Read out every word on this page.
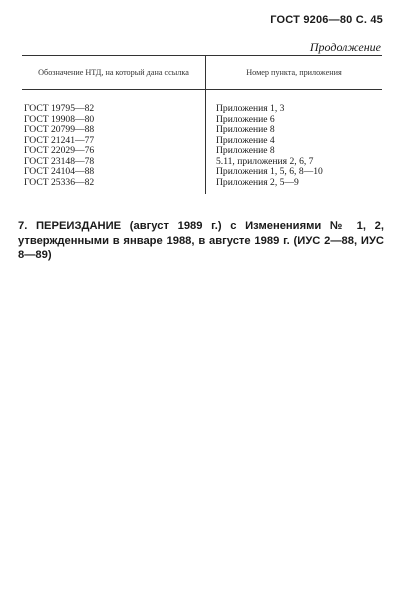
ГОСТ 9206—80 С. 45
Продолжение
Обозначение НТД, на который дана ссылка	Номер пункта, приложения
ГОСТ 19795—82	Приложения 1, 3
ГОСТ 19908—80	Приложение 6
ГОСТ 20799—88	Приложение 8
ГОСТ 21241—77	Приложение 4
ГОСТ 22029—76	Приложение 8
ГОСТ 23148—78	5.11, приложения 2, 6, 7
ГОСТ 24104—88	Приложения 1, 5, 6, 8—10
ГОСТ 25336—82	Приложения 2, 5—9

7. ПЕРЕИЗДАНИЕ (август 1989 г.) с Изменениями № 1, 2, утвержденными в январе 1988, в августе 1989 г. (ИУС 2—88, ИУС 8—89)
